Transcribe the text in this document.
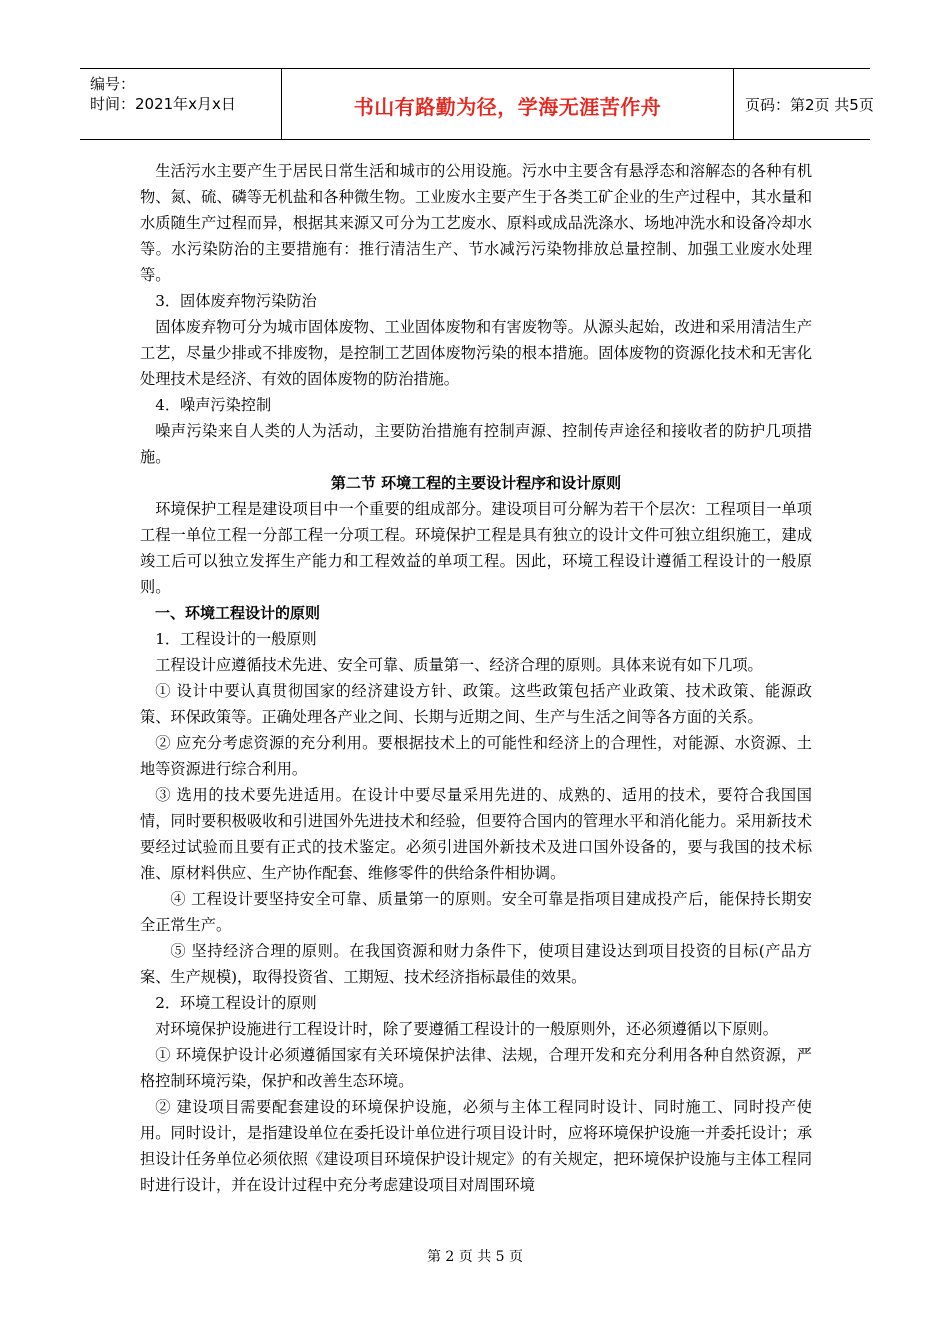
编号：
时间：2021年x月x日	书山有路勤为径，学海无涯苦作舟	页码：第2页 共5页

生活污水主要产生于居民日常生活和城市的公用设施。污水中主要含有悬浮态和溶解态的各种有机物、氮、硫、磷等无机盐和各种微生物。工业废水主要产生于各类工矿企业的生产过程中，其水量和水质随生产过程而异，根据其来源又可分为工艺废水、原料或成品洗涤水、场地冲洗水和设备冷却水等。水污染防治的主要措施有：推行清洁生产、节水减污污染物排放总量控制、加强工业废水处理等。

3．固体废弃物污染防治

固体废弃物可分为城市固体废物、工业固体废物和有害废物等。从源头起始，改进和采用清洁生产工艺，尽量少排或不排废物，是控制工艺固体废物污染的根本措施。固体废物的资源化技术和无害化处理技术是经济、有效的固体废物的防治措施。

4．噪声污染控制

噪声污染来自人类的人为活动，主要防治措施有控制声源、控制传声途径和接收者的防护几项措施。

第二节 环境工程的主要设计程序和设计原则

环境保护工程是建设项目中一个重要的组成部分。建设项目可分解为若干个层次：工程项目一单项工程一单位工程一分部工程一分项工程。环境保护工程是具有独立的设计文件可独立组织施工，建成竣工后可以独立发挥生产能力和工程效益的单项工程。因此，环境工程设计遵循工程设计的一般原则。

一、环境工程设计的原则

1．工程设计的一般原则

工程设计应遵循技术先进、安全可靠、质量第一、经济合理的原则。具体来说有如下几项。

① 设计中要认真贯彻国家的经济建设方针、政策。这些政策包括产业政策、技术政策、能源政策、环保政策等。正确处理各产业之间、长期与近期之间、生产与生活之间等各方面的关系。

② 应充分考虑资源的充分利用。要根据技术上的可能性和经济上的合理性，对能源、水资源、土地等资源进行综合利用。

③ 选用的技术要先进适用。在设计中要尽量采用先进的、成熟的、适用的技术，要符合我国国情，同时要积极吸收和引进国外先进技术和经验，但要符合国内的管理水平和消化能力。采用新技术要经过试验而且要有正式的技术鉴定。必须引进国外新技术及进口国外设备的，要与我国的技术标准、原材料供应、生产协作配套、维修零件的供给条件相协调。

④ 工程设计要坚持安全可靠、质量第一的原则。安全可靠是指项目建成投产后，能保持长期安全正常生产。

⑤ 坚持经济合理的原则。在我国资源和财力条件下，使项目建设达到项目投资的目标(产品方案、生产规模)，取得投资省、工期短、技术经济指标最佳的效果。

2．环境工程设计的原则

对环境保护设施进行工程设计时，除了要遵循工程设计的一般原则外，还必须遵循以下原则。

① 环境保护设计必须遵循国家有关环境保护法律、法规，合理开发和充分利用各种自然资源，严格控制环境污染，保护和改善生态环境。

② 建设项目需要配套建设的环境保护设施，必须与主体工程同时设计、同时施工、同时投产使用。同时设计，是指建设单位在委托设计单位进行项目设计时，应将环境保护设施一并委托设计；承担设计任务单位必须依照《建设项目环境保护设计规定》的有关规定，把环境保护设施与主体工程同时进行设计，并在设计过程中充分考虑建设项目对周围环境

第 2 页 共 5 页
